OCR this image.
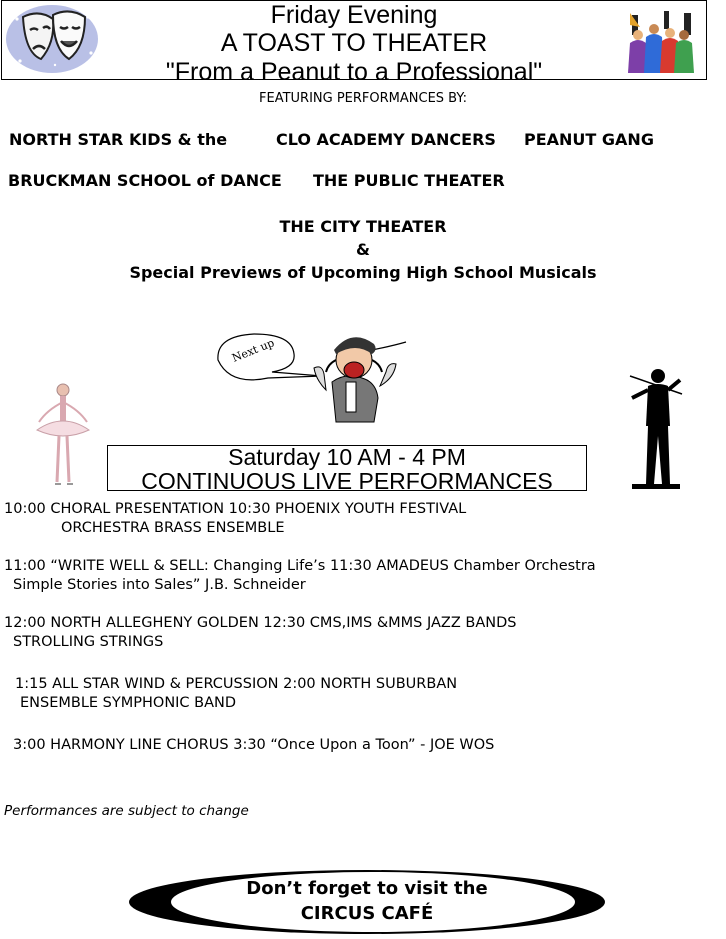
Friday Evening
A TOAST TO THEATER
"From a Peanut to a Professional"
FEATURING PERFORMANCES BY:
NORTH STAR KIDS & the	CLO ACADEMY DANCERS PEANUT GANG
BRUCKMAN SCHOOL of DANCE THE PUBLIC THEATER
THE CITY THEATER
&
Special Previews of Upcoming High School Musicals
Next up
Saturday 10 AM - 4 PM
CONTINUOUS LIVE PERFORMANCES
10:00 CHORAL PRESENTATION 10:30 PHOENIX YOUTH FESTIVAL
ORCHESTRA BRASS ENSEMBLE
11:00 “WRITE WELL & SELL: Changing Life’s 11:30 AMADEUS Chamber Orchestra
Simple Stories into Sales” J.B. Schneider
12:00 NORTH ALLEGHENY GOLDEN 12:30 CMS,IMS &MMS JAZZ BANDS
STROLLING STRINGS
1:15 ALL STAR WIND & PERCUSSION 2:00 NORTH SUBURBAN
ENSEMBLE SYMPHONIC BAND
3:00 HARMONY LINE CHORUS 3:30 “Once Upon a Toon” - JOE WOS
Performances are subject to change
Don’t forget to visit the
CIRCUS CAFÉ
